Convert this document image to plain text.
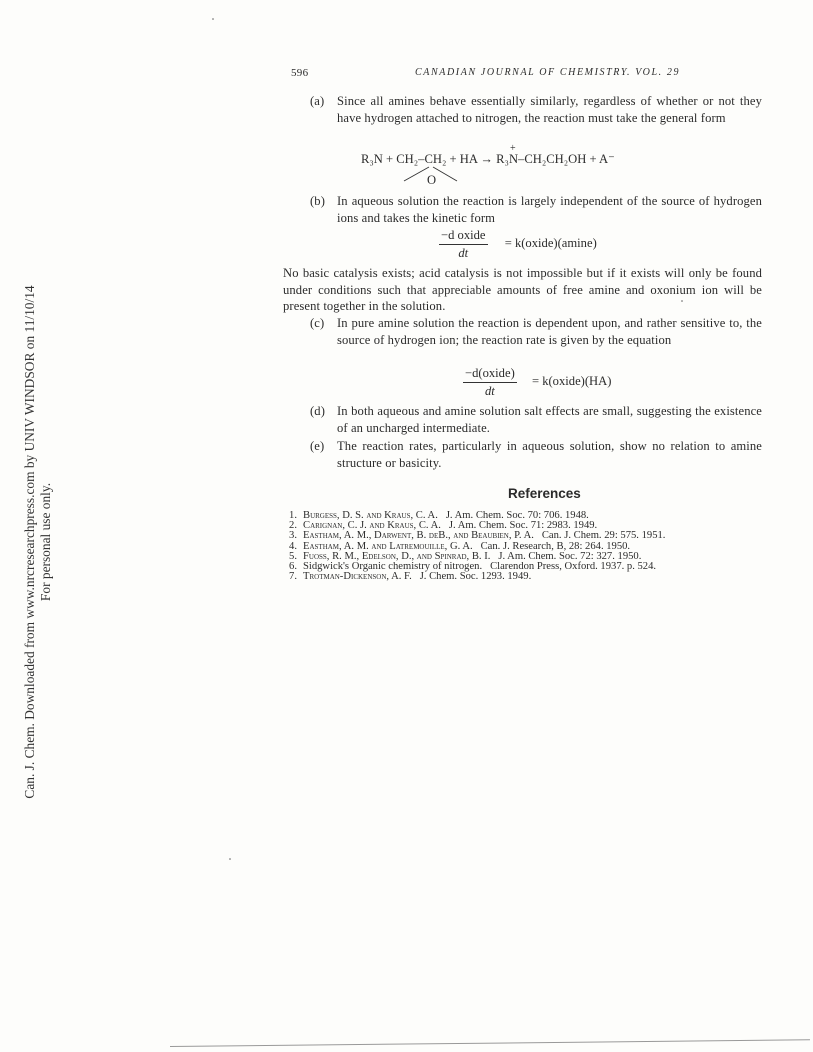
596	CANADIAN JOURNAL OF CHEMISTRY. VOL. 29
(a) Since all amines behave essentially similarly, regardless of whether or not they have hydrogen attached to nitrogen, the reaction must take the general form
R₃N + CH₂–CH₂ + HA → R₃
+
N–CH₂CH₂OH + A⁻
O
(b) In aqueous solution the reaction is largely independent of the source of hydrogen ions and takes the kinetic form
$\frac{\text{−d oxide}}{dt}$ = k(oxide)(amine)
No basic catalysis exists; acid catalysis is not impossible but if it exists will only be found under conditions such that appreciable amounts of free amine and oxonium ion will be present together in the solution.
(c) In pure amine solution the reaction is dependent upon, and rather sensitive to, the source of hydrogen ion; the reaction rate is given by the equation
$\frac{\text{−d(oxide)}}{dt}$ = k(oxide)(HA)
(d) In both aqueous and amine solution salt effects are small, suggesting the existence of an uncharged intermediate.
(e) The reaction rates, particularly in aqueous solution, show no relation to amine structure or basicity.
References
1. Burgess, D. S. and Kraus, C. A. J. Am. Chem. Soc. 70: 706. 1948.
2. Carignan, C. J. and Kraus, C. A. J. Am. Chem. Soc. 71: 2983. 1949.
3. Eastham, A. M., Darwent, B. deB., and Beaubien, P. A. Can. J. Chem. 29: 575. 1951.
4. Eastham, A. M. and Latremouille, G. A. Can. J. Research, B, 28: 264. 1950.
5. Fuoss, R. M., Edelson, D., and Spinrad, B. I. J. Am. Chem. Soc. 72: 327. 1950.
6. Sidgwick's Organic chemistry of nitrogen. Clarendon Press, Oxford. 1937. p. 524.
7. Trotman-Dickenson, A. F. J. Chem. Soc. 1293. 1949.
Can. J. Chem. Downloaded from www.nrcresearchpress.com by UNIV WINDSOR on 11/10/14 For personal use only.
